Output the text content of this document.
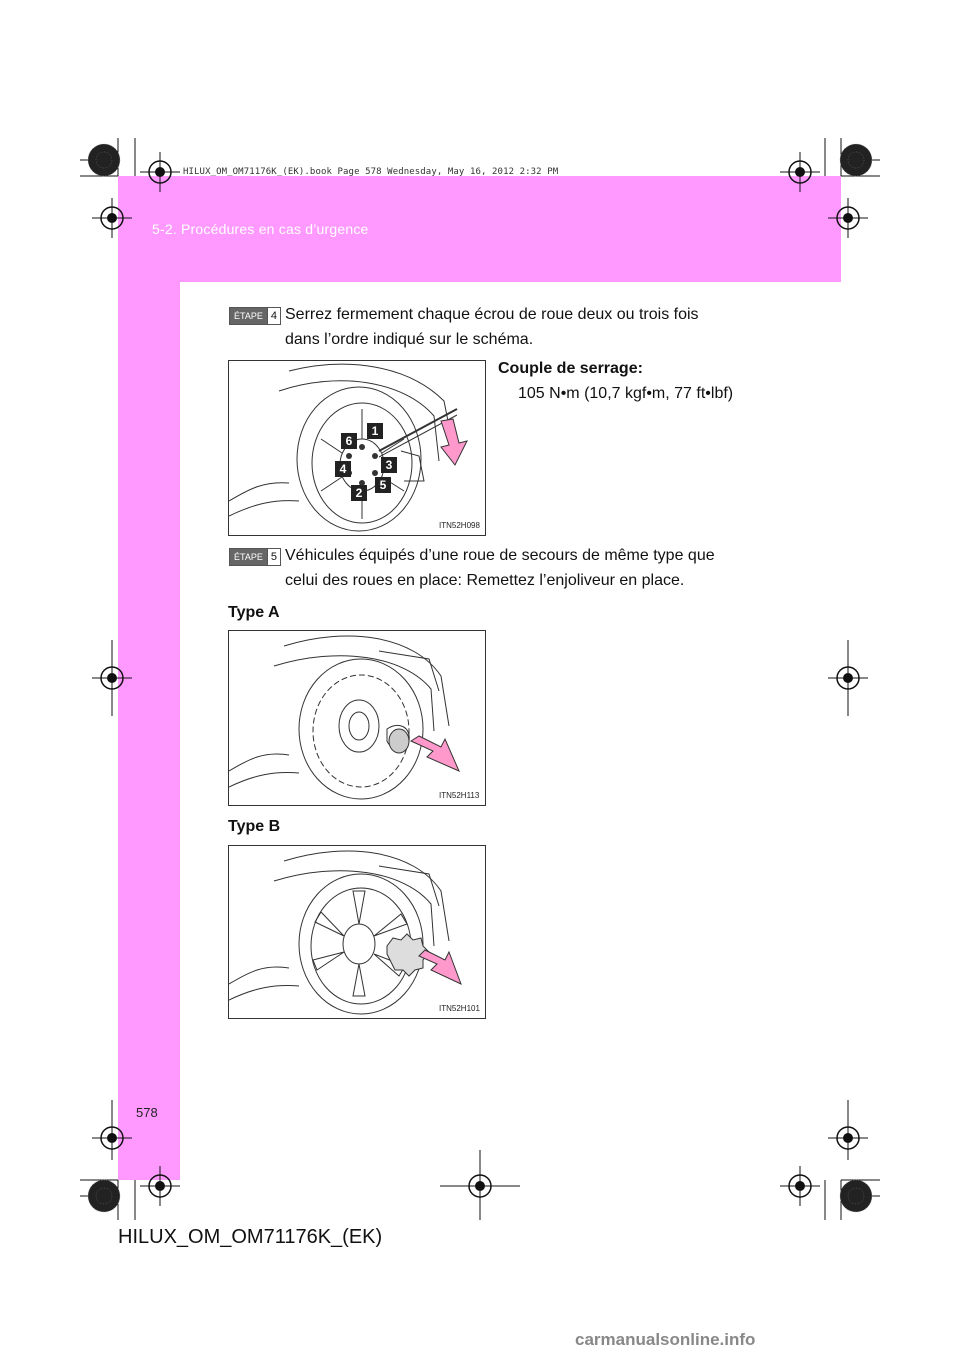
5-2. Procédures en cas d’urgence
HILUX_OM_OM71176K_(EK).book Page 578 Wednesday, May 16, 2012 2:32 PM
ÉTAPE 4 Serrez fermement chaque écrou de roue deux ou trois fois
dans l’ordre indiqué sur le schéma.
Couple de serrage:
105 N•m (10,7 kgf•m, 77 ft•lbf)
1
2
3
4
5
6
ITN52H098
ÉTAPE 5 Véhicules équipés d’une roue de secours de même type que
celui des roues en place: Remettez l’enjoliveur en place.
Type A
ITN52H113
Type B
ITN52H101
578
HILUX_OM_OM71176K_(EK)
carmanualsonline.info
